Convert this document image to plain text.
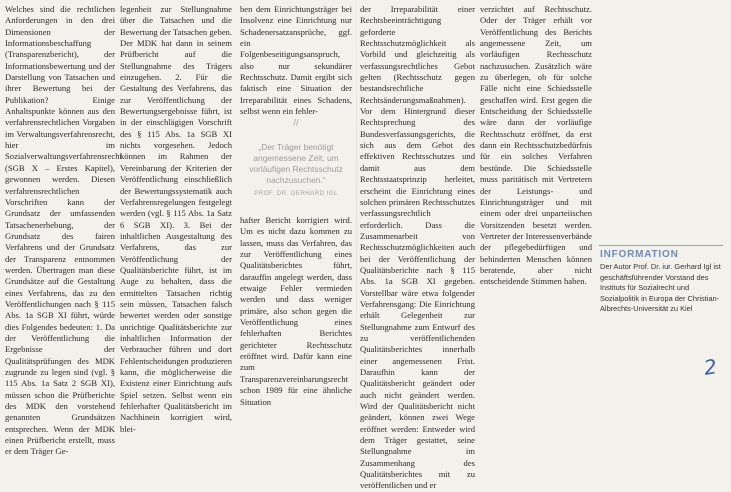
Welches sind die rechtlichen Anforderungen in den drei Dimensionen der Informationsbeschaffung (Transparenzbericht), der Informationsbewertung und der Darstellung von Tatsachen und ihrer Bewertung bei der Publikation? Einige Anhaltspunkte können aus den verfahrensrechtlichen Vorgaben im Verwaltungsverfahrensrecht, hier im Sozialverwaltungsverfahrensrecht (SGB X – Erstes Kapitel), gewonnen werden. Diesen verfahrensrechtlichen Vorschriften kann der Grundsatz der umfassenden Tatsachenerhebung, der Grundsatz des fairen Verfahrens und der Grundsatz der Transparenz entnommen werden. Übertragen man diese Grundsätze auf die Gestaltung eines Verfahrens, das zu den Veröffentlichungen nach § 115 Abs. 1a SGB XI führt, würde dies Folgendes bedeuten: 1. Da der Veröffentlichung die Ergebnisse der Qualitätsprüfungen des MDK zugrunde zu legen sind (vgl. § 115 Abs. 1a Satz 2 SGB XI), müssen schon die Prüfberichte des MDK den vorstehend genannten Grundsätzen entsprechen. Wenn der MDK einen Prüfbericht erstellt, muss er dem Träger Ge-

legenheit zur Stellungnahme über die Tatsachen und die Bewertung der Tatsachen geben. Der MDK hat dann in seinem Prüfbericht auf die Stellungnahme des Trägers einzugehen. 2. Für die Gestaltung des Verfahrens, das zur Veröffentlichung der Bewertungsergebnisse führt, ist in der einschlägigen Vorschrift des § 115 Abs. 1a SGB XI nichts vorgesehen. Jedoch können im Rahmen der Vereinbarung der Kriterien der Veröffentlichung einschließlich der Bewertungssystematik auch Verfahrensregelungen festgelegt werden (vgl. § 115 Abs. 1a Satz 6 SGB XI). 3. Bei der inhaltlichen Ausgestaltung des Verfahrens, das zur Veröffentlichung der Qualitätsberichte führt, ist im Auge zu behalten, dass die ermittelten Tatsachen richtig sein müssen, Tatsachen falsch bewertet werden oder sonstige unrichtige Qualitätsberichte zur inhaltlichen Information der Verbraucher führen und dort Fehlentscheidungen produzieren kann, die möglicherweise die Existenz einer Einrichtung aufs Spiel setzen. Selbst wenn ein fehlerhafter Qualitätsbericht im Nachhinein korrigiert wird, blei-

ben dem Einrichtungsträger bei Insolvenz eine Einrichtung nur Schadenersatzansprüche, ggf. ein Folgenbeseitigungsanspruch, also nur sekundärer Rechtsschutz. Damit ergibt sich faktisch eine Situation der Irreparabilität eines Schadens, selbst wenn ein fehler-

//
„Der Träger benötigt angemessene Zeit, um vorläufigen Rechtsschutz nachzusuchen.“
PROF. DR. GERHARD IGL

hafter Bericht korrigiert wird. Um es nicht dazu kommen zu lassen, muss das Verfahren, das zur Veröffentlichung eines Qualitätsberichtes führt, darauffin angelegt werden, dass etwaige Fehler vermieden werden und dass weniger primäre, also schon gegen die Veröffentlichung eines fehlerhaften Berichtes gerichteter Rechtsschutz eröffnet wird. Dafür kann eine zum Transparenzvereinbarungsrecht schon 1989 für eine ähnliche Situation

der Irreparabilität einer Rechtsbeeinträchtigung geforderte Rechtsschutzmöglichkeit als Vorbild und gleichzeitig als verfassungsrechtliches Gebot gelten (Rechtsschutz gegen bestandsrechtliche Rechtsänderungsmaßnahmen). Vor dem Hintergrund dieser Rechtsprechung des Bundesverfassungsgerichts, die sich aus dem Gebot des effektiven Rechtsschutzes und damit aus dem Rechtsstaatsprinzip herleitet, erscheint die Einrichtung eines solchen primären Rechtsschutzes verfassungsrechtlich erforderlich. Dass die Zusammenarbeit von Rechtsschutzmöglichkeiten auch bei der Veröffentlichung der Qualitätsberichte nach § 115 Abs. 1a SGB XI gegeben. Vorstellbar wäre etwa folgender Verfahrensgang: Die Einrichtung erhält Gelegenheit zur Stellungnahme zum Entwurf des zu veröffentlichenden Qualitätsberichtes innerhalb einer angemessenen Frist. Daraufhin kann der Qualitätsbericht geändert oder auch nicht geändert werden. Wird der Qualitätsbericht nicht geändert, können zwei Wege eröffnet werden: Entweder wird dem Träger gestattet, seine Stellungnahme im Zusammenhang des Qualitätsberichtes mit zu veröffentlichen und er

verzichtet auf Rechtsschutz. Oder der Träger erhält vor Veröffentlichung des Berichts angemessene Zeit, um vorläufigen Rechtsschutz nachzusuchen. Zusätzlich wäre zu überlegen, ob für solche Fälle nicht eine Schiedsstelle geschaffen wird. Erst gegen die Entscheidung der Schiedsstelle wäre dann der vorläufige Rechtsschutz eröffnet, da erst dann ein Rechtsschutzbedürfnis für ein solches Verfahren bestünde. Die Schiedsstelle muss paritätisch mit Vertretern der Leistungs- und Einrichtungsträger und mit einem oder drei unparteiischen Vorsitzenden besetzt werden. Vertreter der Interessenverbände der pflegebedürftigen und behinderten Menschen können beratende, aber nicht entscheidende Stimmen haben.

INFORMATION
Der Autor Prof. Dr. iur. Gerhard Igl ist geschäftsführender Vorstand des Instituts für Sozialrecht und Sozialpolitik in Europa der Christian-Albrechts-Universität zu Kiel
2
